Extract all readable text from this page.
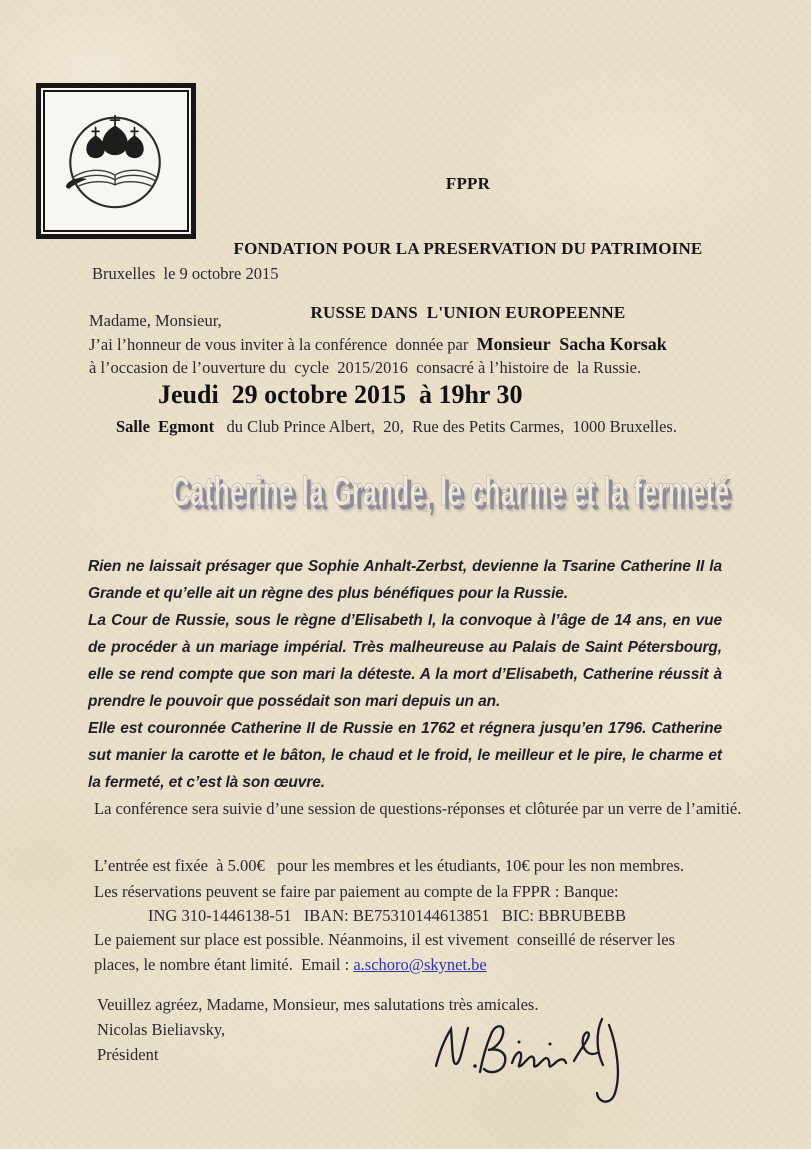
FPPR

FONDATION POUR LA PRESERVATION DU PATRIMOINE

RUSSE DANS  L'UNION EUROPEENNE

Bruxelles  le 9 octobre 2015
Madame, Monsieur,
J’ai l’honneur de vous inviter à la conférence  donnée par  Monsieur  Sacha Korsak
à l’occasion de l’ouverture du  cycle  2015/2016  consacré à l’histoire de  la Russie.
Jeudi  29 octobre 2015  à 19hr 30
Salle  Egmont   du Club Prince Albert,  20,  Rue des Petits Carmes,  1000 Bruxelles.
Catherine la Grande, le charme et la fermeté

Rien ne laissait présager que Sophie Anhalt-Zerbst, devienne la Tsarine Catherine II la Grande et qu’elle ait un règne des plus bénéfiques pour la Russie.

La Cour de Russie, sous le règne d’Elisabeth I, la convoque à l’âge de 14 ans, en vue de procéder à un mariage impérial. Très malheureuse au Palais de Saint Pétersbourg, elle se rend compte que son mari la déteste. A la mort d’Elisabeth, Catherine réussit à prendre le pouvoir que possédait son mari depuis un an.

Elle est couronnée Catherine II de Russie en 1762 et régnera jusqu’en 1796. Catherine sut manier la carotte et le bâton, le chaud et le froid, le meilleur et le pire, le charme et la fermeté, et c’est là son œuvre.

La conférence sera suivie d’une session de questions-réponses et clôturée par un verre de l’amitié.
L’entrée est fixée  à 5.00€   pour les membres et les étudiants, 10€ pour les non membres.
Les réservations peuvent se faire par paiement au compte de la FPPR : Banque:
ING 310-1446138-51   IBAN: BE75310144613851   BIC: BBRUBEBB
Le paiement sur place est possible. Néanmoins, il est vivement  conseillé de réserver les
places, le nombre étant limité.  Email : a.schoro@skynet.be
Veuillez agréez, Madame, Monsieur, mes salutations très amicales.
Nicolas Bieliavsky,
Président
